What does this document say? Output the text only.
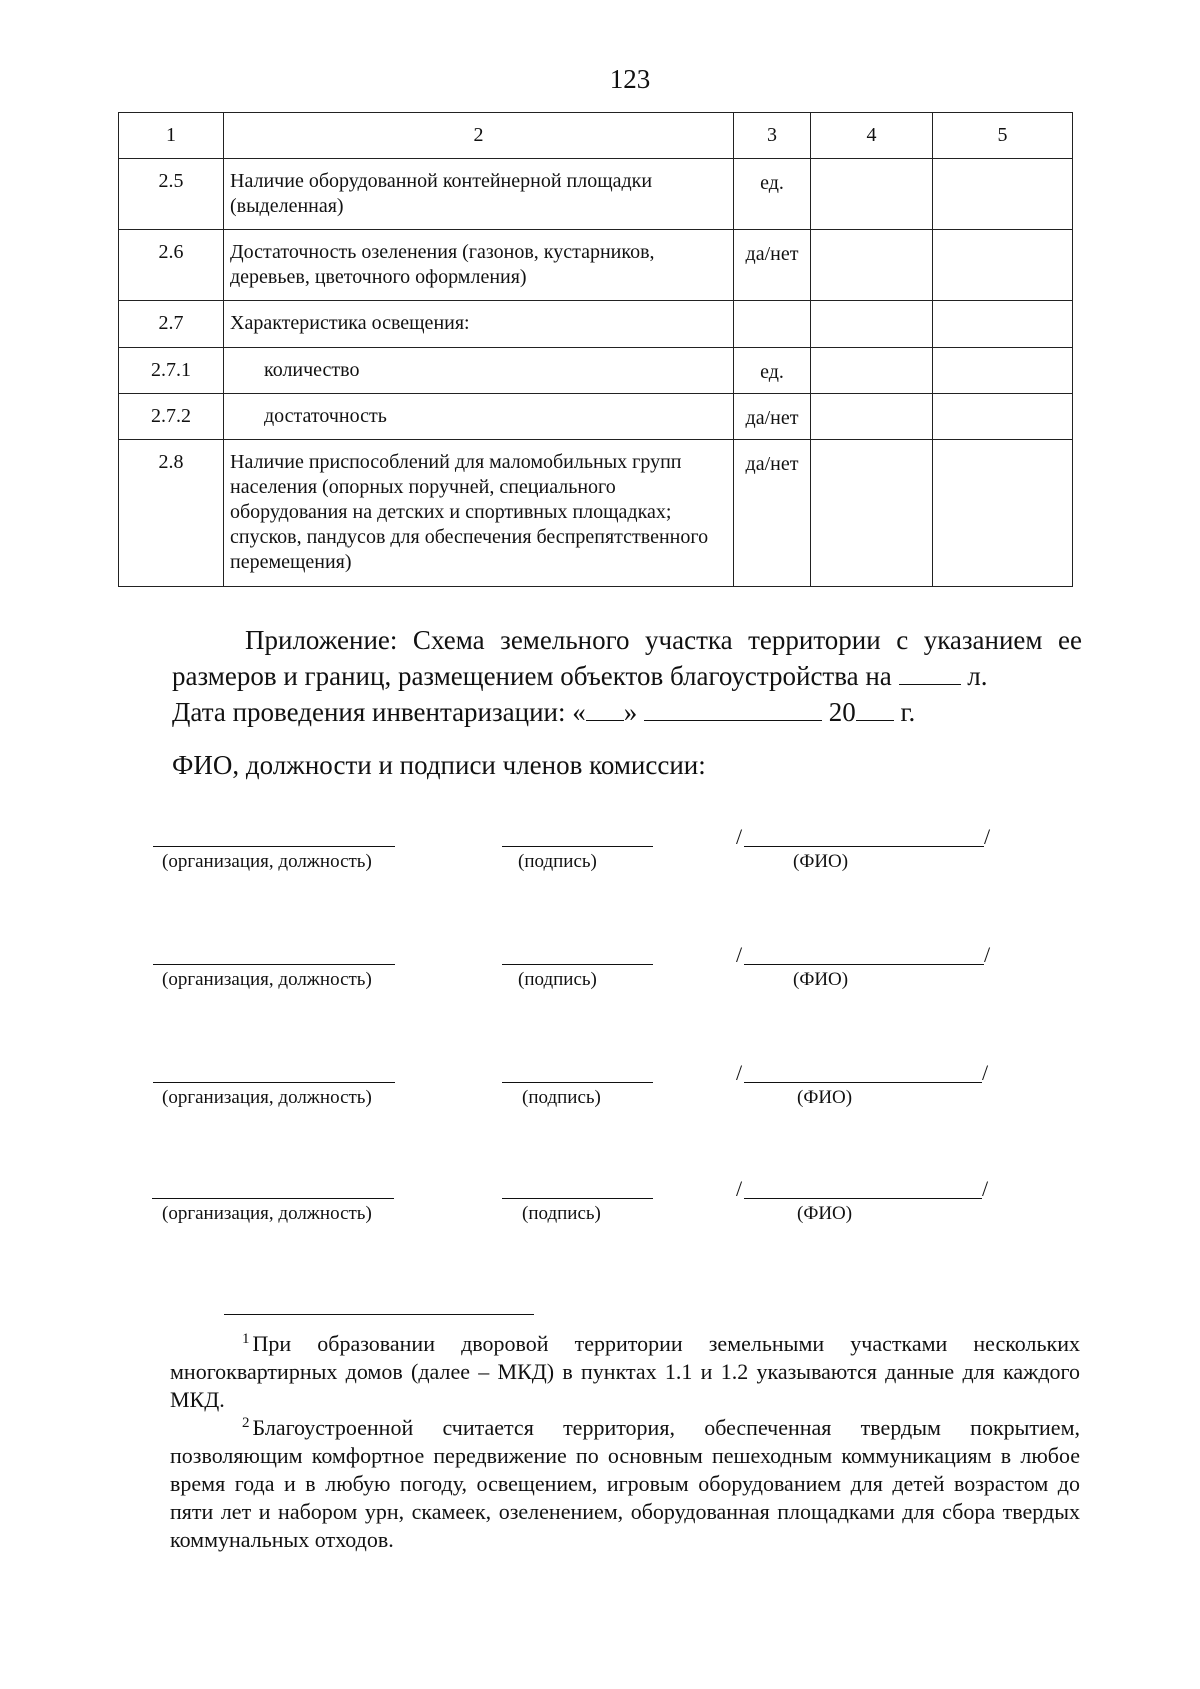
123
1	2	3	4	5
2.5	Наличие оборудованной контейнерной площадки (выделенная)	ед.		
2.6	Достаточность озеленения (газонов, кустарников, деревьев, цветочного оформления)	да/нет		
2.7	Характеристика освещения:			
2.7.1	количество	ед.		
2.7.2	достаточность	да/нет		
2.8	Наличие приспособлений для маломобильных групп населения (опорных поручней, специального оборудования на детских и спортивных площадках; спусков, пандусов для обеспечения беспрепятственного перемещения)	да/нет		
Приложение: Схема земельного участка территории с указанием ее размеров и границ, размещением объектов благоустройства на	л.
Дата проведения инвентаризации: « »	20 г.
ФИО, должности и подписи членов комиссии:
(организация, должность)	(подпись)
/	/
(ФИО)
(организация, должность)	(подпись)
/	/
(ФИО)
(организация, должность)	(подпись)
/	/
(ФИО)
(организация, должность)	(подпись)
/	/
(ФИО)

$^1$ При образовании дворовой территории земельными участками нескольких многоквартирных домов (далее – МКД) в пунктах 1.1 и 1.2 указываются данные для каждого МКД.

$^2$ Благоустроенной считается территория, обеспеченная твердым покрытием, позволяющим комфортное передвижение по основным пешеходным коммуникациям в любое время года и в любую погоду, освещением, игровым оборудованием для детей возрастом до пяти лет и набором урн, скамеек, озеленением, оборудованная площадками для сбора твердых коммунальных отходов.
